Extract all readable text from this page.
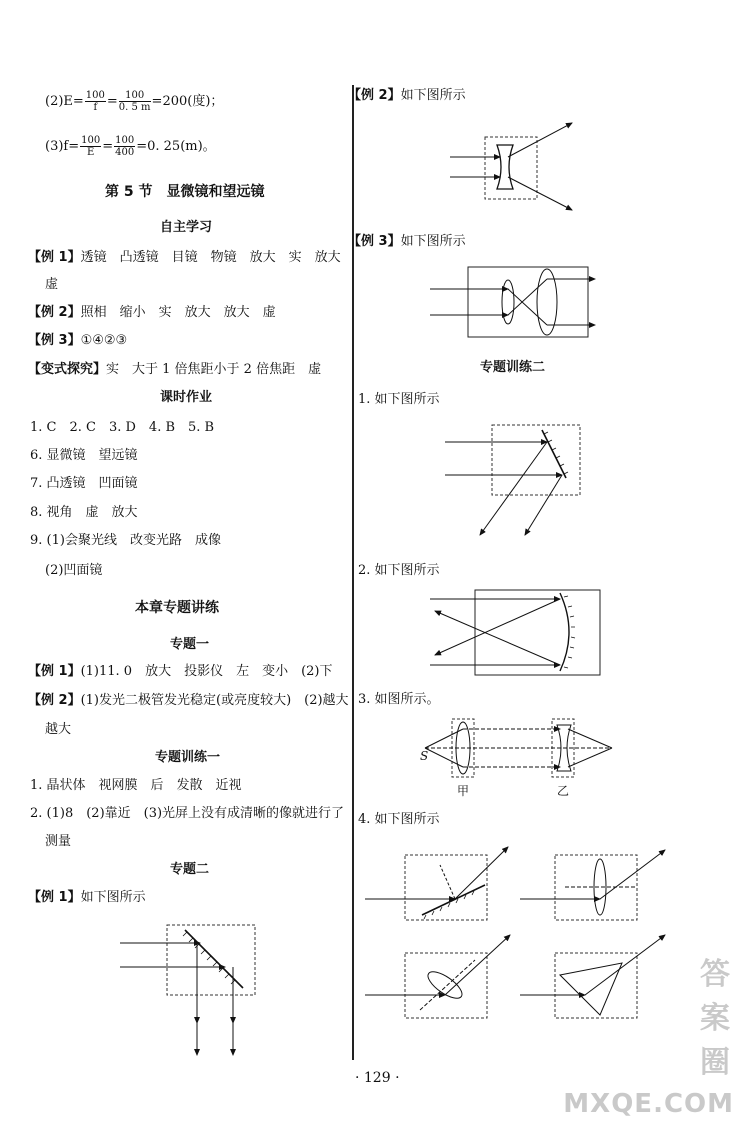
$(2)E= \frac{100}{f} = \frac{100}{0. 5 m} =200$(度)；
$(3)f= \frac{100}{E} = \frac{100}{400} =0$. 25(m)。
第 5 节　显微镜和望远镜
自主学习
【例 1】透镜　凸透镜　目镜　物镜　放大　实　放大
虚
【例 2】照相　缩小　实　放大　放大　虚
【例 3】①④②③
【变式探究】实　大于 1 倍焦距小于 2 倍焦距　虚
课时作业
1. C　2. C　3. D　4. B　5. B
6. 显微镜　望远镜
7. 凸透镜　凹面镜
8. 视角　虚　放大
9. (1)会聚光线　改变光路　成像
(2)凹面镜
本章专题讲练
专题一
【例 1】(1)11. 0　放大　投影仪　左　变小　(2)下
【例 2】(1)发光二极管发光稳定(或亮度较大)　(2)越大
越大
专题训练一
1. 晶状体　视网膜　后　发散　近视
2. (1)8　(2)靠近　(3)光屏上没有成清晰的像就进行了
测量
专题二
【例 1】如下图所示
【例 2】如下图所示
【例 3】如下图所示
专题训练二
1. 如下图所示
2. 如下图所示
3. 如图所示。
S
甲	乙
4. 如下图所示
· 129 ·
答案圈
MXQE.COM
